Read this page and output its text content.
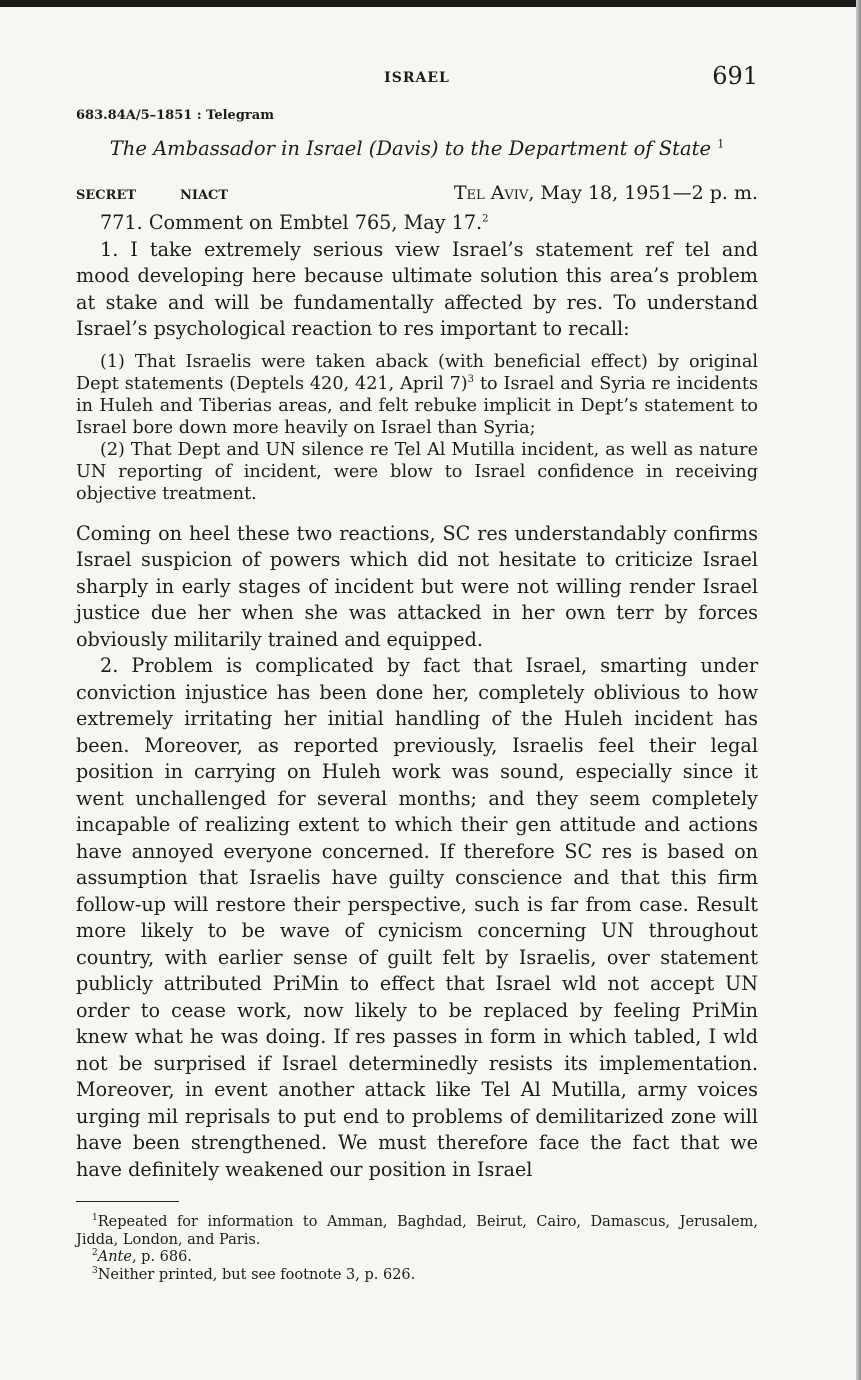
ISRAEL	691
683.84A/5–1851 : Telegram
The Ambassador in Israel (Davis) to the Department of State $^1$
SECRET	NIACT	Tel Aviv, May 18, 1951—2 p. m.

771. Comment on Embtel 765, May 17.$^2$

1. I take extremely serious view Israel’s statement ref tel and mood developing here because ultimate solution this area’s problem at stake and will be fundamentally affected by res. To understand Israel’s psychological reaction to res important to recall:

(1) That Israelis were taken aback (with beneficial effect) by original Dept statements (Deptels 420, 421, April 7)$^3$ to Israel and Syria re incidents in Huleh and Tiberias areas, and felt rebuke implicit in Dept’s statement to Israel bore down more heavily on Israel than Syria;

(2) That Dept and UN silence re Tel Al Mutilla incident, as well as nature UN reporting of incident, were blow to Israel confidence in receiving objective treatment.

Coming on heel these two reactions, SC res understandably confirms Israel suspicion of powers which did not hesitate to criticize Israel sharply in early stages of incident but were not willing render Israel justice due her when she was attacked in her own terr by forces obviously militarily trained and equipped.

2. Problem is complicated by fact that Israel, smarting under conviction injustice has been done her, completely oblivious to how extremely irritating her initial handling of the Huleh incident has been. Moreover, as reported previously, Israelis feel their legal position in carrying on Huleh work was sound, especially since it went unchallenged for several months; and they seem completely incapable of realizing extent to which their gen attitude and actions have annoyed everyone concerned. If therefore SC res is based on assumption that Israelis have guilty conscience and that this firm follow-up will restore their perspective, such is far from case. Result more likely to be wave of cynicism concerning UN throughout country, with earlier sense of guilt felt by Israelis, over statement publicly attributed PriMin to effect that Israel wld not accept UN order to cease work, now likely to be replaced by feeling PriMin knew what he was doing. If res passes in form in which tabled, I wld not be surprised if Israel determinedly resists its implementation. Moreover, in event another attack like Tel Al Mutilla, army voices urging mil reprisals to put end to problems of demilitarized zone will have been strengthened. We must therefore face the fact that we have definitely weakened our position in Israel

$^1$Repeated for information to Amman, Baghdad, Beirut, Cairo, Damascus, Jerusalem, Jidda, London, and Paris.

$^2$Ante, p. 686.

$^3$Neither printed, but see footnote 3, p. 626.
